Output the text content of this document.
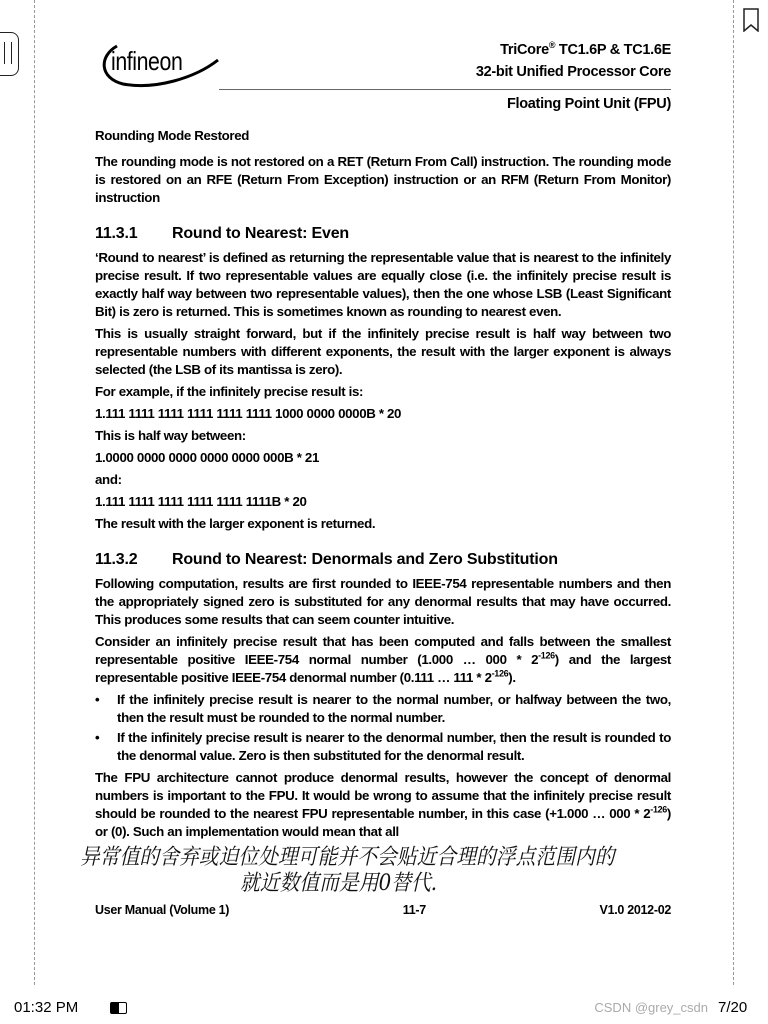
infineon	TriCore® TC1.6P & TC1.6E
32-bit Unified Processor Core
Floating Point Unit (FPU)

Rounding Mode Restored

The rounding mode is not restored on a RET (Return From Call) instruction. The rounding mode is restored on an RFE (Return From Exception) instruction or an RFM (Return From Monitor) instruction

11.3.1 Round to Nearest: Even

‘Round to nearest’ is defined as returning the representable value that is nearest to the infinitely precise result. If two representable values are equally close (i.e. the infinitely precise result is exactly half way between two representable values), then the one whose LSB (Least Significant Bit) is zero is returned. This is sometimes known as rounding to nearest even.

This is usually straight forward, but if the infinitely precise result is half way between two representable numbers with different exponents, the result with the larger exponent is always selected (the LSB of its mantissa is zero).

For example, if the infinitely precise result is:

1.111 1111 1111 1111 1111 1111 1000 0000 0000B * 20

This is half way between:

1.0000 0000 0000 0000 0000 000B * 21

and:

1.111 1111 1111 1111 1111 1111B * 20

The result with the larger exponent is returned.

11.3.2 Round to Nearest: Denormals and Zero Substitution

Following computation, results are first rounded to IEEE-754 representable numbers and then the appropriately signed zero is substituted for any denormal results that may have occurred. This produces some results that can seem counter intuitive.

Consider an infinitely precise result that has been computed and falls between the smallest representable positive IEEE-754 normal number (1.000 … $000 * 2^{-126}$) and the largest representable positive IEEE-754 denormal number (0.111 … $111 * 2^{-126}$).

• If the infinitely precise result is nearer to the normal number, or halfway between the two, then the result must be rounded to the normal number.
• If the infinitely precise result is nearer to the denormal number, then the result is rounded to the denormal value. Zero is then substituted for the denormal result.

The FPU architecture cannot produce denormal results, however the concept of denormal numbers is important to the FPU. It would be wrong to assume that the infinitely precise result should be rounded to the nearest FPU representable number, in this case (+1.000 … $000 * 2^{-126}$) or (0). Such an implementation would mean that all

异常值的舍弃或迫位处理可能并不会贴近合理的浮点范围内的
就近数值而是用0替代.
User Manual (Volume 1)	11-7	V1.0 2012-02
01:32 PM	CSDN @grey_csdn 7/20
